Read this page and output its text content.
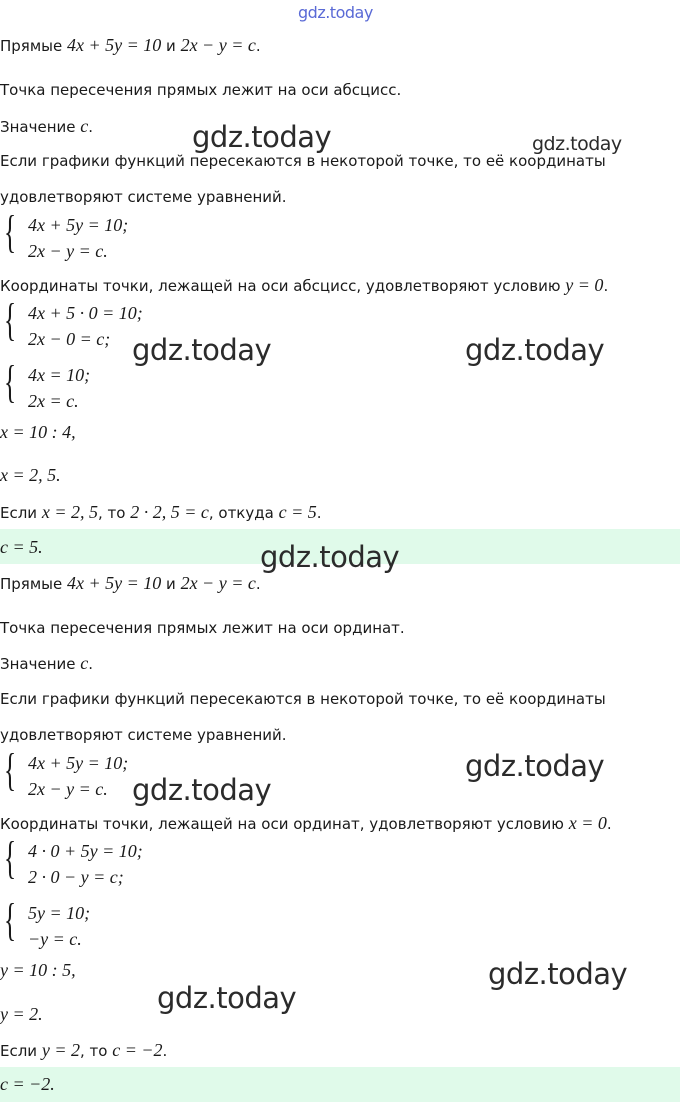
Прямые 4x + 5y = 10 и 2x − y = c.
Точка пересечения прямых лежит на оси абсцисс.
Значение c.
Если графики функций пересекаются в некоторой точке, то её координаты
удовлетворяют системе уравнений.
{ 4x + 5y = 10;
2x − y = c.
Координаты точки, лежащей на оси абсцисс, удовлетворяют условию y = 0.
{ 4x + 5 · 0 = 10;
2x − 0 = c;
{ 4x = 10;
2x = c.
x = 10 : 4,
x = 2, 5.
Если x = 2, 5, то 2 · 2, 5 = c, откуда c = 5.
c = 5.
Прямые 4x + 5y = 10 и 2x − y = c.
Точка пересечения прямых лежит на оси ординат.
Значение c.
Если графики функций пересекаются в некоторой точке, то её координаты
удовлетворяют системе уравнений.
{ 4x + 5y = 10;
2x − y = c.
Координаты точки, лежащей на оси ординат, удовлетворяют условию x = 0.
{ 4 · 0 + 5y = 10;
2 · 0 − y = c;
{ 5y = 10;
−y = c.
y = 10 : 5,
y = 2.
Если y = 2, то c = −2.
c = −2.
gdz.today
gdz.today	gdz.today
gdz.today	gdz.today
gdz.today
gdz.today
gdz.today
gdz.today
gdz.today
